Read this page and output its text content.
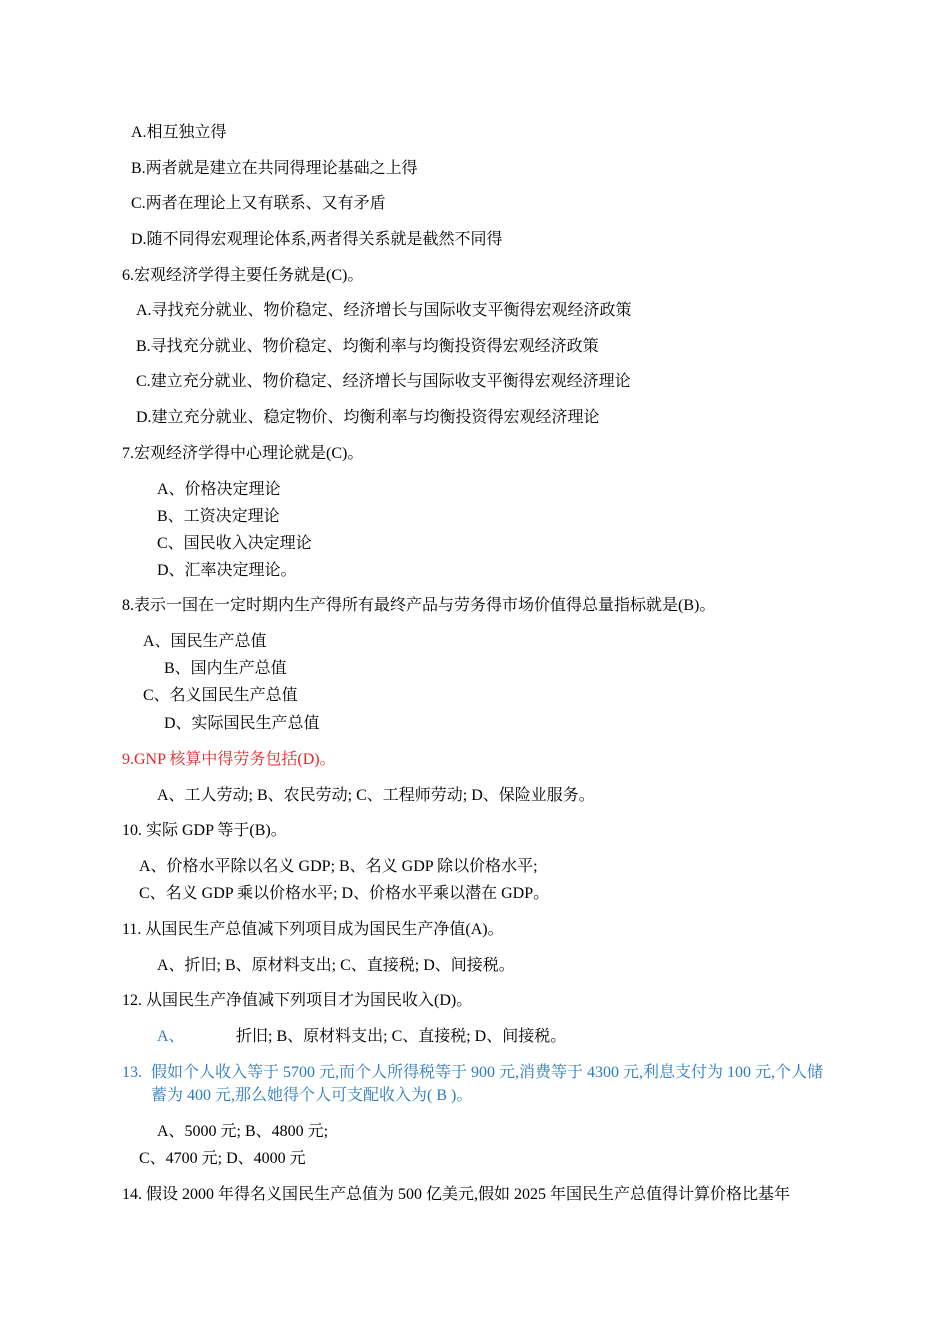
A.相互独立得
B.两者就是建立在共同得理论基础之上得
C.两者在理论上又有联系、又有矛盾
D.随不同得宏观理论体系,两者得关系就是截然不同得
6.宏观经济学得主要任务就是(C)。
A.寻找充分就业、物价稳定、经济增长与国际收支平衡得宏观经济政策
B.寻找充分就业、物价稳定、均衡利率与均衡投资得宏观经济政策
C.建立充分就业、物价稳定、经济增长与国际收支平衡得宏观经济理论
D.建立充分就业、稳定物价、均衡利率与均衡投资得宏观经济理论
7.宏观经济学得中心理论就是(C)。
A、价格决定理论
B、工资决定理论
C、国民收入决定理论
D、汇率决定理论。
8.表示一国在一定时期内生产得所有最终产品与劳务得市场价值得总量指标就是(B)。
A、国民生产总值
B、国内生产总值
C、名义国民生产总值
D、实际国民生产总值
9.GNP 核算中得劳务包括(D)。
A、工人劳动; B、农民劳动; C、工程师劳动; D、保险业服务。
10. 实际 GDP 等于(B)。
A、价格水平除以名义 GDP; B、名义 GDP 除以价格水平;
C、名义 GDP 乘以价格水平; D、价格水平乘以潜在 GDP。
11. 从国民生产总值减下列项目成为国民生产净值(A)。
A、折旧; B、原材料支出; C、直接税; D、间接税。
12. 从国民生产净值减下列项目才为国民收入(D)。
A、	折旧; B、原材料支出; C、直接税; D、间接税。
13. 假如个人收入等于 5700 元,而个人所得税等于 900 元,消费等于 4300 元,利息支付为 100 元,个人储蓄为 400 元,那么她得个人可支配收入为( B )。
A、5000 元; B、4800 元;
C、4700 元; D、4000 元
14. 假设 2000 年得名义国民生产总值为 500 亿美元,假如 2025 年国民生产总值得计算价格比基年
